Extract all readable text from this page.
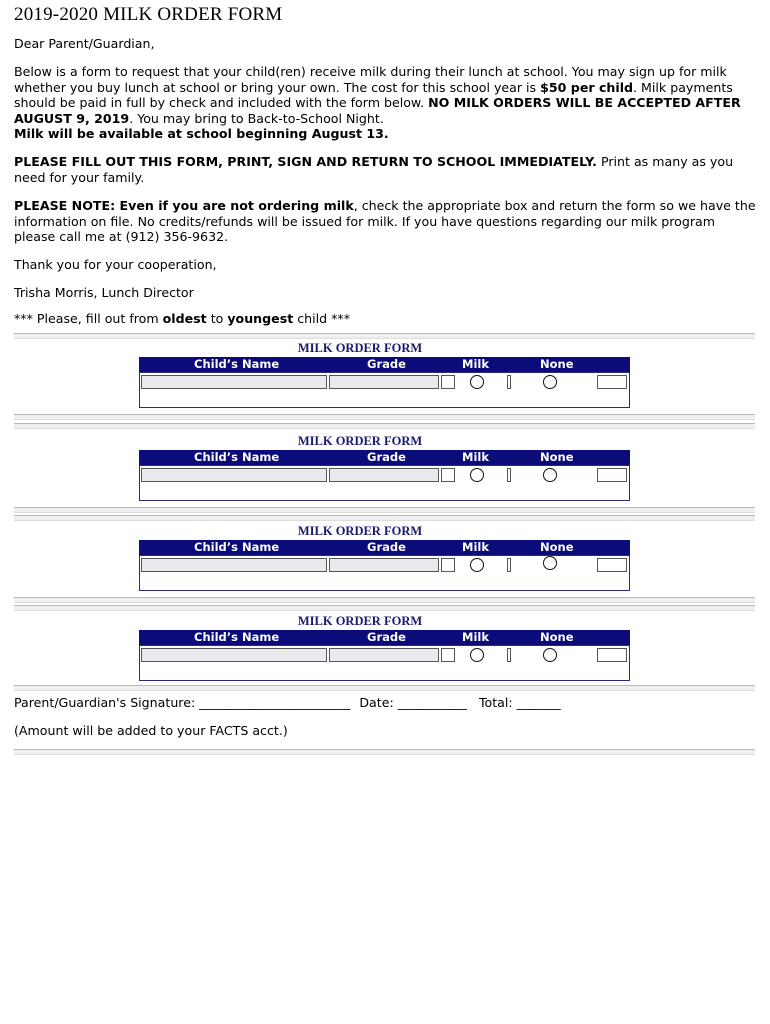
2019-2020 MILK ORDER FORM
Dear Parent/Guardian,
Below is a form to request that your child(ren) receive milk during their lunch at school. You may sign up for milk whether you buy lunch at school or bring your own. The cost for this school year is $50 per child. Milk payments should be paid in full by check and included with the form below. NO MILK ORDERS WILL BE ACCEPTED AFTER AUGUST 9, 2019. You may bring to Back-to-School Night.
Milk will be available at school beginning August 13.
PLEASE FILL OUT THIS FORM, PRINT, SIGN AND RETURN TO SCHOOL IMMEDIATELY. Print as many as you need for your family.
PLEASE NOTE: Even if you are not ordering milk, check the appropriate box and return the form so we have the information on file. No credits/refunds will be issued for milk. If you have questions regarding our milk program please call me at (912) 356-9632.
Thank you for your cooperation,
Trisha Morris, Lunch Director
*** Please, fill out from oldest to youngest child ***
MILK ORDER FORM
Child’s Name	Grade	Milk	None
MILK ORDER FORM
Child’s Name	Grade	Milk	None
MILK ORDER FORM
Child’s Name	Grade	Milk	None
MILK ORDER FORM
Child’s Name	Grade	Milk	None
Parent/Guardian's Signature: ________________________ Date: ___________ Total: _______
(Amount will be added to your FACTS acct.)
